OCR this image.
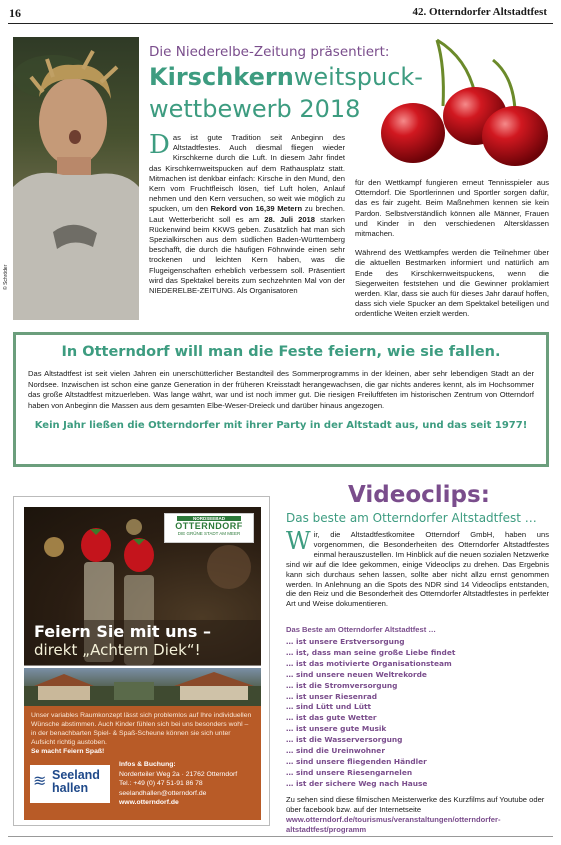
16	42. Otterndorfer Altstadtfest
© Schröder
Die Niederelbe-Zeitung präsentiert:
Kirschkernweitspuck-
wettbewerb 2018
D as ist gute Tradition seit Anbeginn des Altstadtfestes. Auch diesmal fliegen wieder Kirschkerne durch die Luft. In diesem Jahr findet das Kirschkernweitspucken auf dem Rathausplatz statt. Mitmachen ist denkbar einfach: Kirsche in den Mund, den Kern vom Fruchtfleisch lösen, tief Luft holen, Anlauf nehmen und den Kern versuchen, so weit wie möglich zu spucken, um den Rekord von 16,39 Metern zu brechen. Laut Wetterbericht soll es am 28. Juli 2018 starken Rückenwind beim KKWS geben. Zusätzlich hat man sich Spezialkirschen aus dem südlichen Baden-Württemberg beschafft, die durch die häufigen Föhnwinde einen sehr trockenen und leichten Kern haben, was die Flugeigenschaften erheblich verbessern soll. Präsentiert wird das Spektakel bereits zum sechzehnten Mal von der NIEDERELBE-ZEITUNG. Als Organisatoren

für den Wettkampf fungieren erneut Tennisspieler aus Otterndorf. Die Sportlerinnen und Sportler sorgen dafür, das es fair zugeht. Beim Maßnehmen kennen sie kein Pardon. Selbstverständlich können alle Männer, Frauen und Kinder in den verschiedenen Altersklassen mitmachen.

Während des Wettkampfes werden die Teilnehmer über die aktuellen Bestmarken informiert und natürlich am Ende des Kirschkernweitspuckens, wenn die Siegerweiten feststehen und die Gewinner proklamiert werden. Klar, dass sie auch für dieses Jahr darauf hoffen, dass sich viele Spucker an dem Spektakel beteiligen und ordentliche Weiten erzielt werden.

In Otterndorf will man die Feste feiern, wie sie fallen.
Das Altstadtfest ist seit vielen Jahren ein unerschütterlicher Bestandteil des Sommerprogramms in der kleinen, aber sehr lebendigen Stadt an der Nordsee. Inzwischen ist schon eine ganze Generation in der früheren Kreisstadt herangewachsen, die gar nichts anderes kennt, als im Hochsommer das große Altstadtfest mitzuerleben. Was lange währt, war und ist noch immer gut. Die riesigen Freiluftfeten im historischen Zentrum von Otterndorf haben von Anbeginn die Massen aus dem gesamten Elbe-Weser-Dreieck und darüber hinaus angezogen.
Kein Jahr ließen die Otterndorfer mit ihrer Party in der Altstadt aus, und das seit 1977!
NORDSEEBAD
OTTERNDORF
DIE GRÜNE STADT AM MEER
Feiern Sie mit uns –
direkt „Achtern Diek“!
Unser variables Raumkonzept lässt sich problemlos auf Ihre individuellen Wünsche abstimmen. Auch Kinder fühlen sich bei uns besonders wohl – in der benachbarten Spiel- & Spaß-Scheune können sie sich unter Aufsicht richtig austoben.
Se macht Feiern Spaß!
≋ Seeland
hallen
Infos & Buchung:
Norderteiler Weg 2a · 21762 Otterndorf
Tel.: +49 (0) 47 51-91 86 78
seelandhallen@otterndorf.de
www.otterndorf.de
Videoclips:
Das beste am Otterndorfer Altstadtfest …
W ir, die Altstadtfestkomitee Otterndorf GmbH, haben uns vorgenommen, die Besonderheiten des Otterndorfer Altstadtfestes einmal herauszustellen. Im Hinblick auf die neuen sozialen Netzwerke sind wir auf die Idee gekommen, einige Videoclips zu drehen. Das Ergebnis kann sich durchaus sehen lassen, sollte aber nicht allzu ernst genommen werden. In Anlehnung an die Spots des NDR sind 14 Videoclips entstanden, die den Reiz und die Besonderheit des Otterndorfer Altstadtfestes in perfekter Art und Weise dokumentieren.
Das Beste am Otterndorfer Altstadtfest …
… ist unsere Erstversorgung
… ist, dass man seine große Liebe findet
… ist das motivierte Organisationsteam
… sind unsere neuen Weltrekorde
… ist die Stromversorgung
… ist unser Riesenrad
… sind Lütt und Lütt
… ist das gute Wetter
… ist unsere gute Musik
… ist die Wasserversorgung
… sind die Ureinwohner
… sind unsere fliegenden Händler
… sind unsere Riesengarnelen
… ist der sichere Weg nach Hause
Zu sehen sind diese filmischen Meisterwerke des Kurzfilms auf Youtube oder über facebook bzw. auf der Internetseite www.otterndorf.de/tourismus/veranstaltungen/otterndorfer-altstadtfest/programm
